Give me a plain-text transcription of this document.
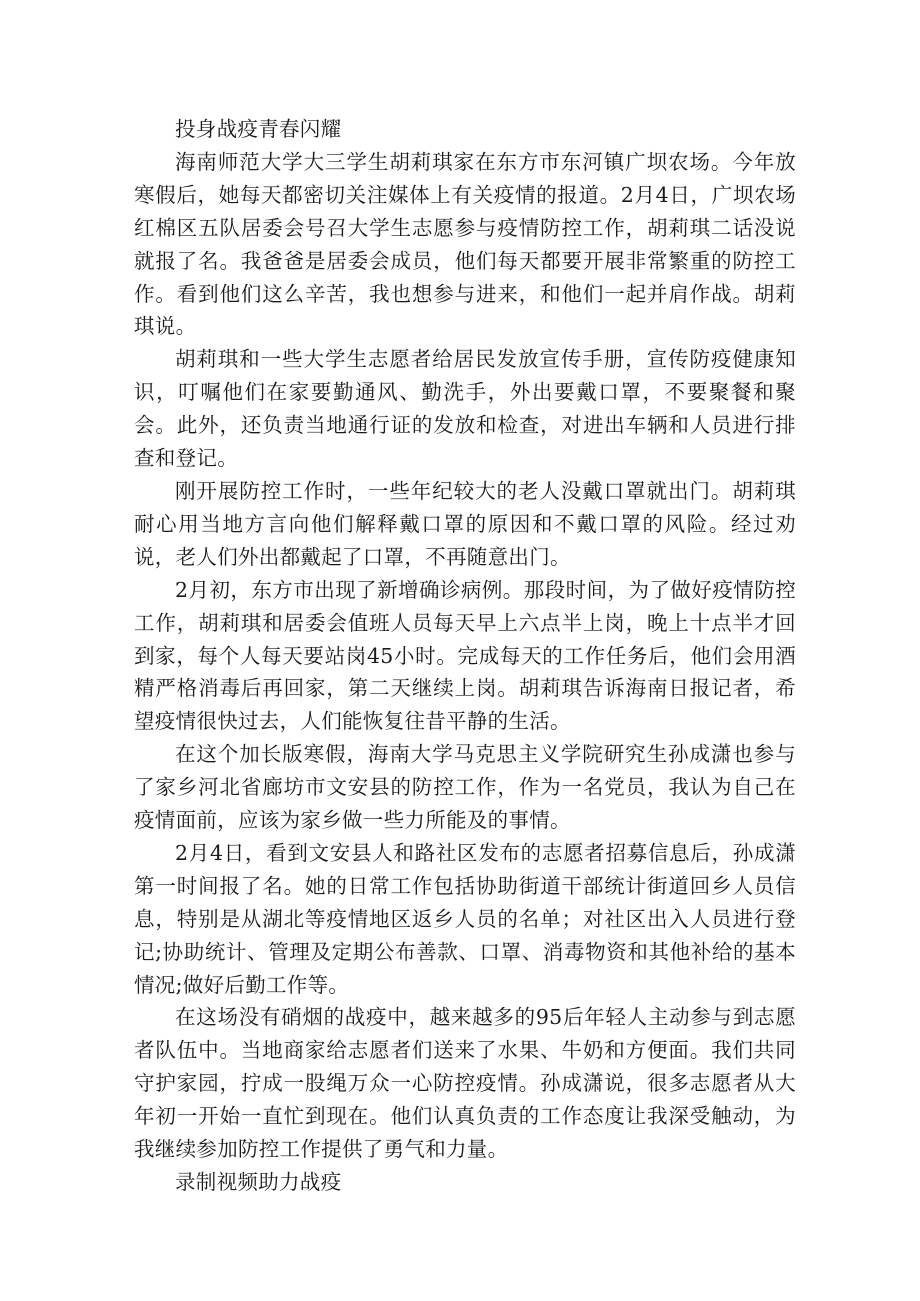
投身战疫青春闪耀

海南师范大学大三学生胡莉琪家在东方市东河镇广坝农场。今年放寒假后，她每天都密切关注媒体上有关疫情的报道。2月4日，广坝农场红棉区五队居委会号召大学生志愿参与疫情防控工作，胡莉琪二话没说就报了名。我爸爸是居委会成员，他们每天都要开展非常繁重的防控工作。看到他们这么辛苦，我也想参与进来，和他们一起并肩作战。胡莉琪说。

胡莉琪和一些大学生志愿者给居民发放宣传手册，宣传防疫健康知识，叮嘱他们在家要勤通风、勤洗手，外出要戴口罩，不要聚餐和聚会。此外，还负责当地通行证的发放和检查，对进出车辆和人员进行排查和登记。

刚开展防控工作时，一些年纪较大的老人没戴口罩就出门。胡莉琪耐心用当地方言向他们解释戴口罩的原因和不戴口罩的风险。经过劝说，老人们外出都戴起了口罩，不再随意出门。

2月初，东方市出现了新增确诊病例。那段时间，为了做好疫情防控工作，胡莉琪和居委会值班人员每天早上六点半上岗，晚上十点半才回到家，每个人每天要站岗45小时。完成每天的工作任务后，他们会用酒精严格消毒后再回家，第二天继续上岗。胡莉琪告诉海南日报记者，希望疫情很快过去，人们能恢复往昔平静的生活。

在这个加长版寒假，海南大学马克思主义学院研究生孙成潇也参与了家乡河北省廊坊市文安县的防控工作，作为一名党员，我认为自己在疫情面前，应该为家乡做一些力所能及的事情。

2月4日，看到文安县人和路社区发布的志愿者招募信息后，孙成潇第一时间报了名。她的日常工作包括协助街道干部统计街道回乡人员信息，特别是从湖北等疫情地区返乡人员的名单；对社区出入人员进行登记;协助统计、管理及定期公布善款、口罩、消毒物资和其他补给的基本情况;做好后勤工作等。

在这场没有硝烟的战疫中，越来越多的95后年轻人主动参与到志愿者队伍中。当地商家给志愿者们送来了水果、牛奶和方便面。我们共同守护家园，拧成一股绳万众一心防控疫情。孙成潇说，很多志愿者从大年初一开始一直忙到现在。他们认真负责的工作态度让我深受触动，为我继续参加防控工作提供了勇气和力量。

录制视频助力战疫
